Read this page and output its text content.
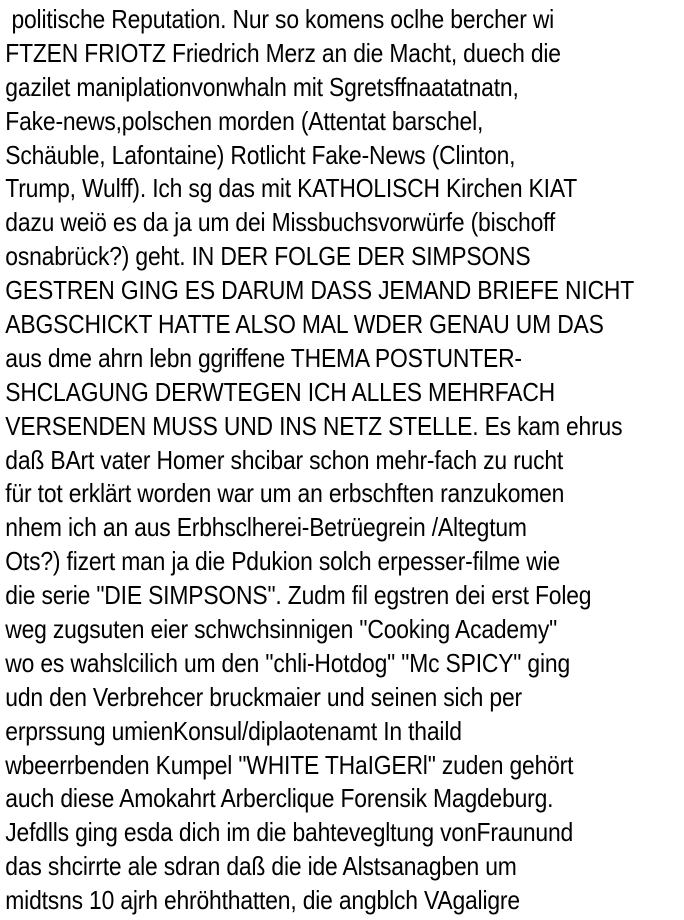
politische Reputation. Nur so komens oclhe bercher wi
FTZEN FRIOTZ Friedrich Merz an die Macht, duech die
gazilet maniplationvonwhaln mit Sgretsffnaatatnatn,
Fake-news,polschen morden (Attentat barschel,
Schäuble, Lafontaine) Rotlicht Fake-News (Clinton,
Trump, Wulff). Ich sg das mit KATHOLISCH Kirchen KIAT
dazu weiö es da ja um dei Missbuchsvorwürfe (bischoff
osnabrück?) geht. IN DER FOLGE DER SIMPSONS
GESTREN GING ES DARUM DASS JEMAND BRIEFE NICHT
ABGSCHICKT HATTE ALSO MAL WDER GENAU UM DAS
aus dme ahrn lebn ggriffene THEMA POSTUNTER-
SHCLAGUNG DERWTEGEN ICH ALLES MEHRFACH
VERSENDEN MUSS UND INS NETZ STELLE. Es kam ehrus
daß BArt vater Homer shcibar schon mehr-fach zu rucht
für tot erklärt worden war um an erbschften ranzukomen
nhem ich an aus Erbhsclherei-Betrüegrein /Altegtum
Ots?) fizert man ja die Pdukion solch erpesser-filme wie
die serie "DIE SIMPSONS". Zudm fil egstren dei erst Foleg
weg zugsuten eier schwchsinnigen "Cooking Academy"
wo es wahslcilich um den "chli-Hotdog" "Mc SPICY" ging
udn den Verbrehcer bruckmaier und seinen sich per
erprssung umienKonsul/diplaotenamt In thaild
wbeerrbenden Kumpel "WHITE THaIGERl" zuden gehört
auch diese Amokahrt Arberclique Forensik Magdeburg.
Jefdlls ging esda dich im die bahtevegltung vonFraunund
das shcirrte ale sdran daß die ide Alstsanagben um
midtsns 10 ajrh ehröhthatten, die angblch VAgaligre
